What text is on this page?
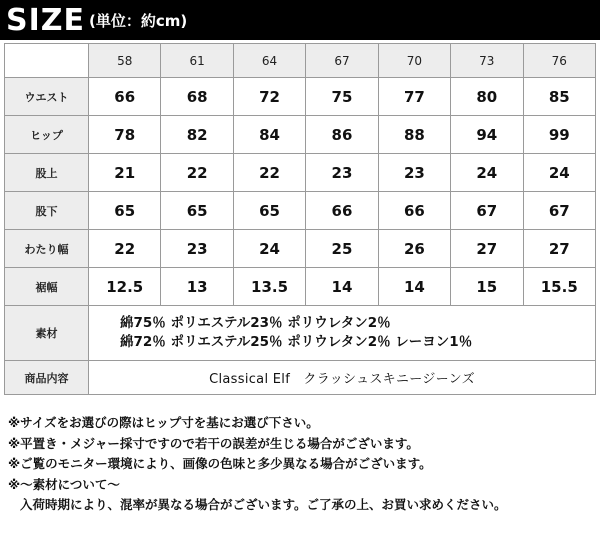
SIZE (単位：約cm)
	58	61	64	67	70	73	76
ウエスト	66	68	72	75	77	80	85
ヒップ	78	82	84	86	88	94	99
股上	21	22	22	23	23	24	24
股下	65	65	65	66	66	67	67
わたり幅	22	23	24	25	26	27	27
裾幅	12.5	13	13.5	14	14	15	15.5
素材	綿75％ ポリエステル23％ ポリウレタン2％
綿72％ ポリエステル25％ ポリウレタン2％ レーヨン1％						

商品内容	Classical Elf　クラッシュスキニージーンズ						
※サイズをお選びの際はヒップ寸を基にお選び下さい。
※平置き・メジャー採寸ですので若干の誤差が生じる場合がございます。
※ご覧のモニター環境により、画像の色味と多少異なる場合がございます。
※～素材について～
入荷時期により、混率が異なる場合がございます。ご了承の上、お買い求めください。
